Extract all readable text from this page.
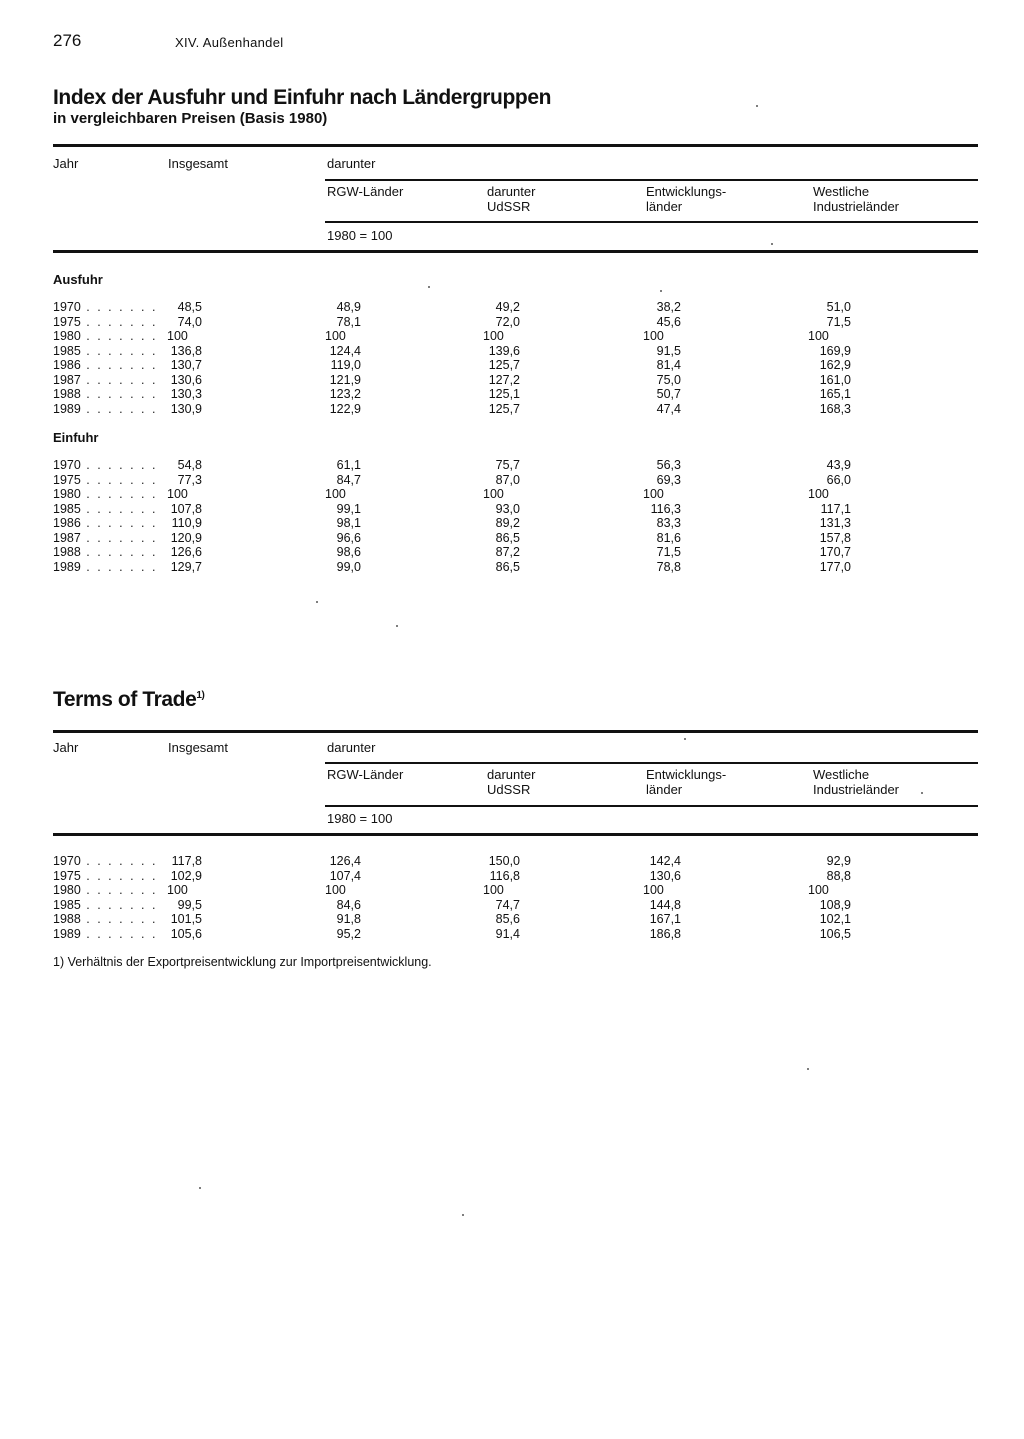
276	XIV. Außenhandel
Index der Ausfuhr und Einfuhr nach Ländergruppen
in vergleichbaren Preisen (Basis 1980)
Jahr	Insgesamt	darunter
RGW-Länder	darunter
UdSSR
Entwicklungs-
länder
Westliche
Industrieländer
1980 = 100
Ausfuhr
1970 . . . . . . .	48,5	48,9	49,2	38,2	51,0
1975 . . . . . . .	74,0	78,1	72,0	45,6	71,5
1980 . . . . . . . 100	100	100	100	100
1985 . . . . . . . 136,8	124,4	139,6	91,5	169,9
1986 . . . . . . . 130,7	119,0	125,7	81,4	162,9
1987 . . . . . . . 130,6	121,9	127,2	75,0	161,0
1988 . . . . . . . 130,3	123,2	125,1	50,7	165,1
1989 . . . . . . . 130,9	122,9	125,7	47,4	168,3
Einfuhr
1970 . . . . . . .	54,8	61,1	75,7	56,3	43,9
1975 . . . . . . .	77,3	84,7	87,0	69,3	66,0
1980 . . . . . . . 100	100	100	100	100
1985 . . . . . . . 107,8	99,1	93,0	116,3	117,1
1986 . . . . . . .	110,9	98,1	89,2	83,3	131,3
1987 . . . . . . . 120,9	96,6	86,5	81,6	157,8
1988 . . . . . . . 126,6	98,6	87,2	71,5	170,7
1989 . . . . . . . 129,7	99,0	86,5	78,8	177,0
Terms of Trade$^{1)}$
Jahr	Insgesamt	darunter
RGW-Länder	darunter
UdSSR
Entwicklungs-
länder
Westliche
Industrieländer
1980 = 100
1970 . . . . . . .	117,8	126,4	150,0	142,4	92,9
1975 . . . . . . . 102,9	107,4	116,8	130,6	88,8
1980 . . . . . . . 100	100	100	100	100
1985 . . . . . . .	99,5	84,6	74,7	144,8	108,9
1988 . . . . . . . 101,5	91,8	85,6	167,1	102,1
1989 . . . . . . . 105,6	95,2	91,4	186,8	106,5
1) Verhältnis der Exportpreisentwicklung zur Importpreisentwicklung.
